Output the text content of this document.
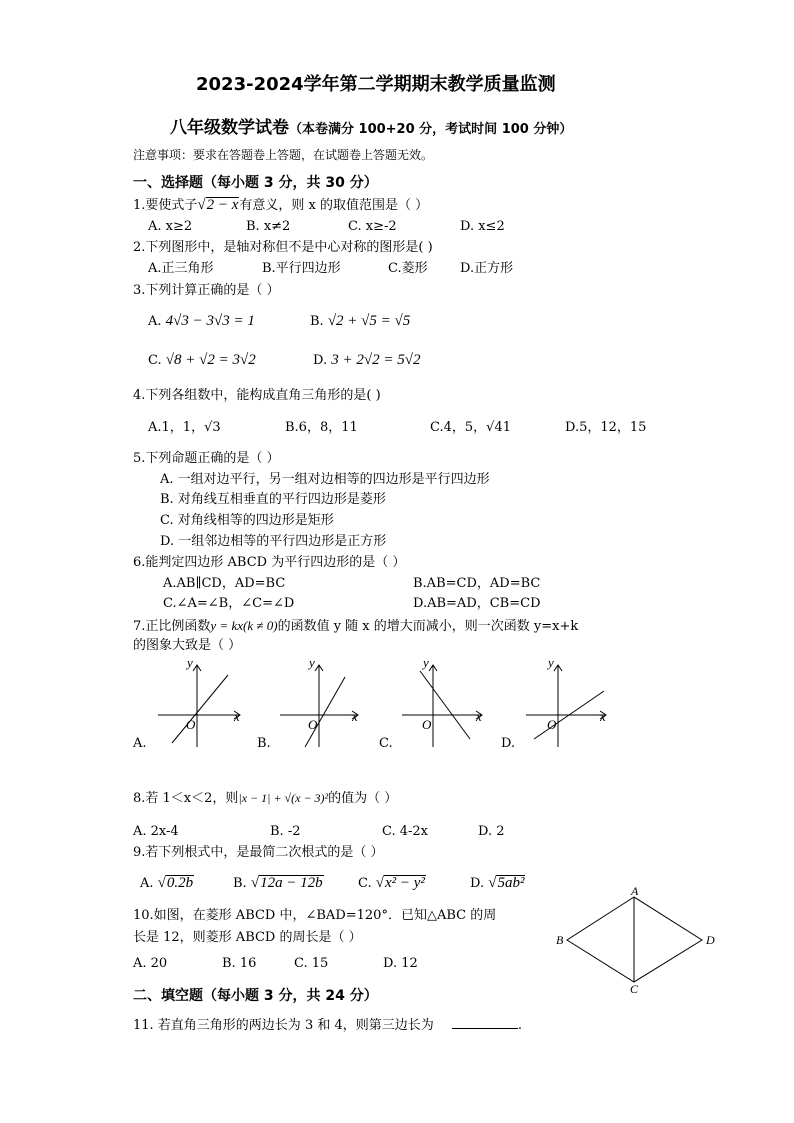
2023-2024学年第二学期期末教学质量监测
八年级数学试卷（本卷满分 100+20 分，考试时间 100 分钟）
注意事项：要求在答题卷上答题，在试题卷上答题无效。
一、选择题（每小题 3 分，共 30 分）
1.要使式子√2 − x有意义，则 x 的取值范围是（ ）
A. x≥2	B. x≠2	C. x≥-2	D. x≤2
2.下列图形中，是轴对称但不是中心对称的图形是( )
A.正三角形	B.平行四边形	C.菱形 D.正方形
3.下列计算正确的是（ ）
A. 4√3 − 3√3 = 1	B. √2 + √5 = √5
C. √8 + √2 = 3√2	D. 3 + 2√2 = 5√2
4.下列各组数中，能构成直角三角形的是( )
A.1，1，√3	B.6，8，11	C.4，5，√41	D.5，12，15
5.下列命题正确的是（ ）
A. 一组对边平行，另一组对边相等的四边形是平行四边形
B. 对角线互相垂直的平行四边形是菱形
C. 对角线相等的四边形是矩形
D. 一组邻边相等的平行四边形是正方形
6.能判定四边形 ABCD 为平行四边形的是（ ）
A.AB∥CD，AD=BC	B.AB=CD，AD=BC
C.∠A=∠B，∠C=∠D	D.AB=AD，CB=CD
7.正比例函数y = kx(k ≠ 0)的函数值 y 随 x 的增大而减小，则一次函数 y=x+k
的图象大致是（ ）
x
y
O
x
y
O
x
y
O
x
y
O
A.	B.	C.	D.
8.若 1＜x＜2，则|x − 1| + √(x − 3)²的值为（ ）
A. 2x-4	B. -2	C. 4-2x	D. 2
9.若下列根式中，是最简二次根式的是（ ）
A. √0.2b	B. √12a − 12b	C. √x² − y²	D. √5ab²
10.如图，在菱形 ABCD 中，∠BAD=120°．已知△ABC 的周
长是 12，则菱形 ABCD 的周长是（ ）
A. 20	B. 16	C. 15	D. 12
A
B
C
D
二、填空题（每小题 3 分，共 24 分）
11. 若直角三角形的两边长为 3 和 4，则第三边长为	.
